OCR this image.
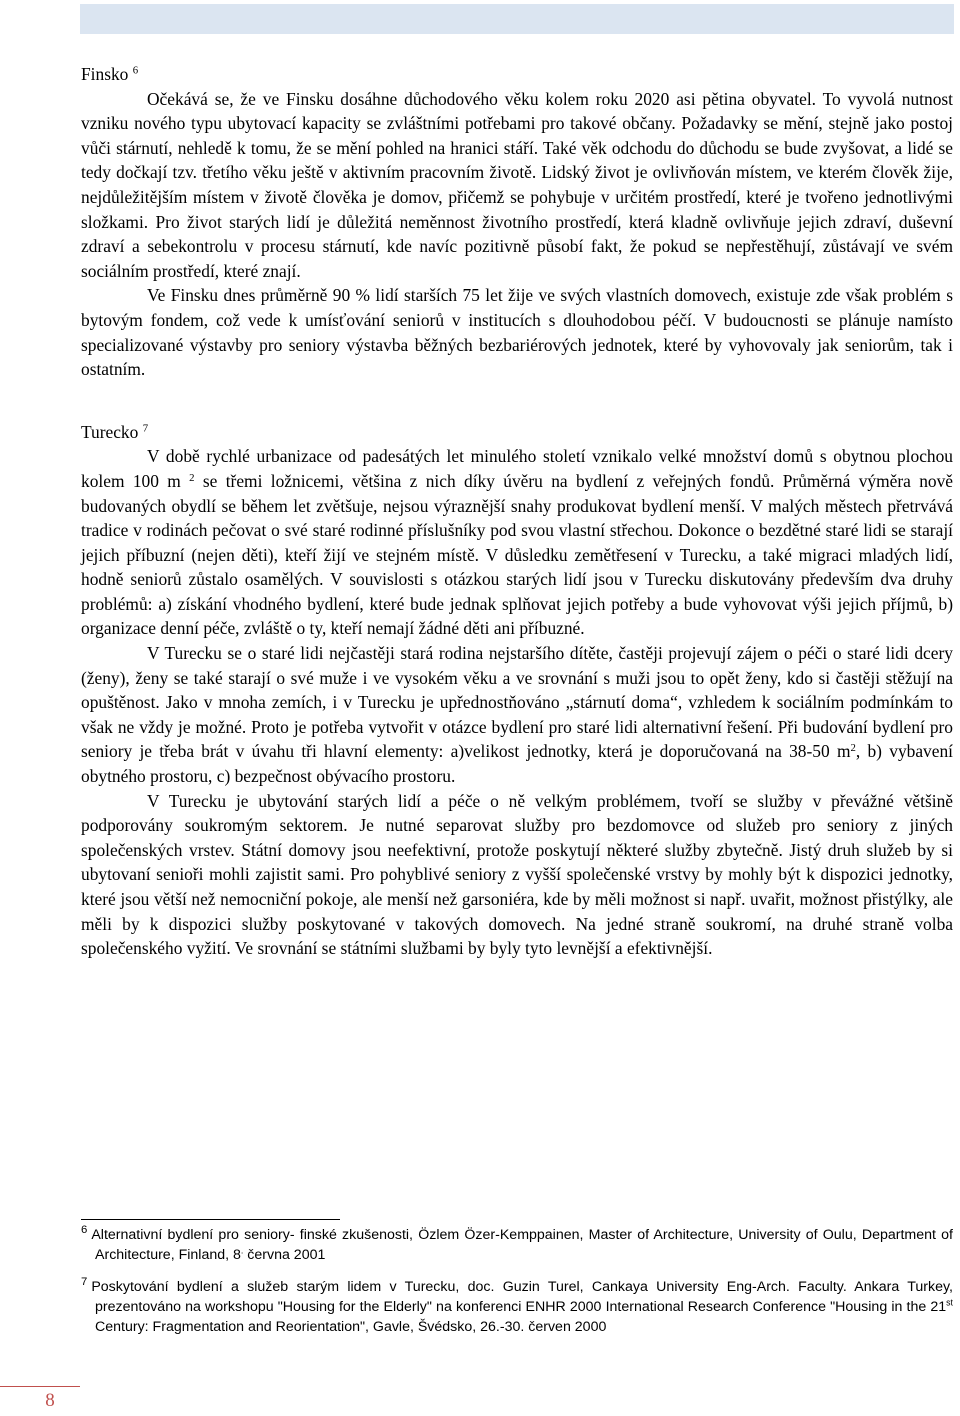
Finsko $^6$

Očekává se, že ve Finsku dosáhne důchodového věku kolem roku 2020 asi pětina obyvatel. To vyvolá nutnost vzniku nového typu ubytovací kapacity se zvláštními potřebami pro takové občany. Požadavky se mění, stejně jako postoj vůči stárnutí, nehledě k tomu, že se mění pohled na hranici stáří. Také věk odchodu do důchodu se bude zvyšovat, a lidé se tedy dočkají tzv. třetího věku ještě v aktivním pracovním životě. Lidský život je ovlivňován místem, ve kterém člověk žije, nejdůležitějším místem v životě člověka je domov, přičemž se pohybuje v určitém prostředí, které je tvořeno jednotlivými složkami. Pro život starých lidí je důležitá neměnnost životního prostředí, která kladně ovlivňuje jejich zdraví, duševní zdraví a sebekontrolu v procesu stárnutí, kde navíc pozitivně působí fakt, že pokud se nepřestěhují, zůstávají ve svém sociálním prostředí, které znají.

Ve Finsku dnes průměrně 90 % lidí starších 75 let žije ve svých vlastních domovech, existuje zde však problém s bytovým fondem, což vede k umísťování seniorů v institucích s dlouhodobou péčí. V budoucnosti se plánuje namísto specializované výstavby pro seniory výstavba běžných bezbariérových jednotek, které by vyhovovaly jak seniorům, tak i ostatním.

Turecko $^7$

V době rychlé urbanizace od padesátých let minulého století vznikalo velké množství domů s obytnou plochou kolem 100 m $^2$ se třemi ložnicemi, většina z nich díky úvěru na bydlení z veřejných fondů. Průměrná výměra nově budovaných obydlí se během let zvětšuje, nejsou výraznější snahy produkovat bydlení menší. V malých městech přetrvává tradice v rodinách pečovat o své staré rodinné příslušníky pod svou vlastní střechou. Dokonce o bezdětné staré lidi se starají jejich příbuzní (nejen děti), kteří žijí ve stejném místě. V důsledku zemětřesení v Turecku, a také migraci mladých lidí, hodně seniorů zůstalo osamělých. V souvislosti s otázkou starých lidí jsou v Turecku diskutovány především dva druhy problémů: a) získání vhodného bydlení, které bude jednak splňovat jejich potřeby a bude vyhovovat výši jejich příjmů, b) organizace denní péče, zvláště o ty, kteří nemají žádné děti ani příbuzné.

V Turecku se o staré lidi nejčastěji stará rodina nejstaršího dítěte, častěji projevují zájem o péči o staré lidi dcery (ženy), ženy se také starají o své muže i ve vysokém věku a ve srovnání s muži jsou to opět ženy, kdo si častěji stěžují na opuštěnost. Jako v mnoha zemích, i v Turecku je upřednostňováno „stárnutí doma“, vzhledem k sociálním podmínkám to však ne vždy je možné. Proto je potřeba vytvořit v otázce bydlení pro staré lidi alternativní řešení. Při budování bydlení pro seniory je třeba brát v úvahu tři hlavní elementy: a)velikost jednotky, která je doporučovaná na 38-50 $m^2$, b) vybavení obytného prostoru, c) bezpečnost obývacího prostoru.

V Turecku je ubytování starých lidí a péče o ně velkým problémem, tvoří se služby v převážné většině podporovány soukromým sektorem. Je nutné separovat služby pro bezdomovce od služeb pro seniory z jiných společenských vrstev. Státní domovy jsou neefektivní, protože poskytují některé služby zbytečně. Jistý druh služeb by si ubytovaní senioři mohli zajistit sami. Pro pohyblivé seniory z vyšší společenské vrstvy by mohly být k dispozici jednotky, které jsou větší než nemocniční pokoje, ale menší než garsoniéra, kde by měli možnost si např. uvařit, možnost přistýlky, ale měli by k dispozici služby poskytované v takových domovech. Na jedné straně soukromí, na druhé straně volba společenského vyžití. Ve srovnání se státními službami by byly tyto levnější a efektivnější.

$^6$ Alternativní bydlení pro seniory- finské zkušenosti, Özlem Özer-Kemppainen, Master of Architecture, University of Oulu, Department of Architecture, Finland, 8. června 2001

$^7$ Poskytování bydlení a služeb starým lidem v Turecku, doc. Guzin Turel, Cankaya University Eng-Arch. Faculty. Ankara Turkey, prezentováno na workshopu "Housing for the Elderly" na konferenci ENHR 2000 International Research Conference "Housing in the 21st Century: Fragmentation and Reorientation", Gavle, Švédsko, 26.-30. červen 2000

8
